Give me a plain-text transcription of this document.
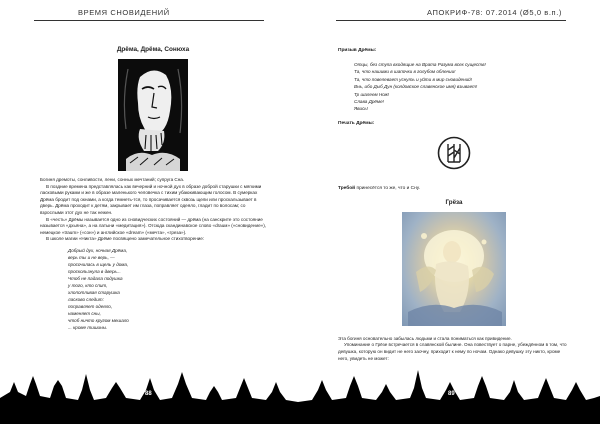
ВРЕМЯ СНОВИДЕНИЙ	АПОКРИФ-78: 07.2014 (Ø5,0 в.п.)
Дрёма, Дрёма, Сонюха

Богиня дремоты, сонливости, лени, сонных мечтаний; супруга Сна.

В поздние времена представлялась как вечерний и ночной дух в образе доброй старушки с мягкими ласковыми руками и же в образе маленького человечка с тихим убаюкивающим голосом. В сумерках Дрёма бродит под окнами, а когда темнеть-тся, то просачивается сквозь щели или проскальзывает в дверь. Дрёма проходит к детям, закрывает им глаза, поправляет одеяло, гладит по волосам; со взрослыми этот дух не так нежен.

В «честь» Дрёмы называется одно из сновидческих состояний — дрёма (на санскрите это состояние называется «дхьяна», а на латыни «медитация»). Отсюда скандинавское слово «drauм» («сновидение»), немецкое «traum» («сон») и английское «dream» («мечта», «греза»).

В школе магии «Никта» Дрёме посвящено замечательное стихотворение:

Добрый дух, ночная Дрёма,

верь ты и не верь, —

просочилась в щель у дома,

проскользнула в дверь...

Чтоб не падала подушка

у того, кто спит,

хлопотливая старушка

ласково следит:

поправляет одеяло,

наменяет сны,

чтоб ничто кругом мешало

... кроме тишины.

Призыв Дрёмы:

Отцы, без ступа входящие на Врата Разума всех существ!

Та, что нашими в шапочки в голубом облении!

Та, что повелевает уснуть и уйти в мир сновидений!

Внь, ибо Дыб Дун (колдовское славянское имя) взывает!

Тр шалеем Нож!

Слава Дрёме!

Явись!

Печать Дрёмы:

Требой принесётся то же, что и Сну.

Грёза

Эта богиня основательно забылась людьми и стала пониматься как привидение.

Упоминание о Грёзе встречается в славянской былине. Она повествует о парне, убеждённом в том, что девушка, которую он видит не него заочну, приходит к нему по ночам. Однако девушку эту никто, кроме него, увидеть не может:

88	89
